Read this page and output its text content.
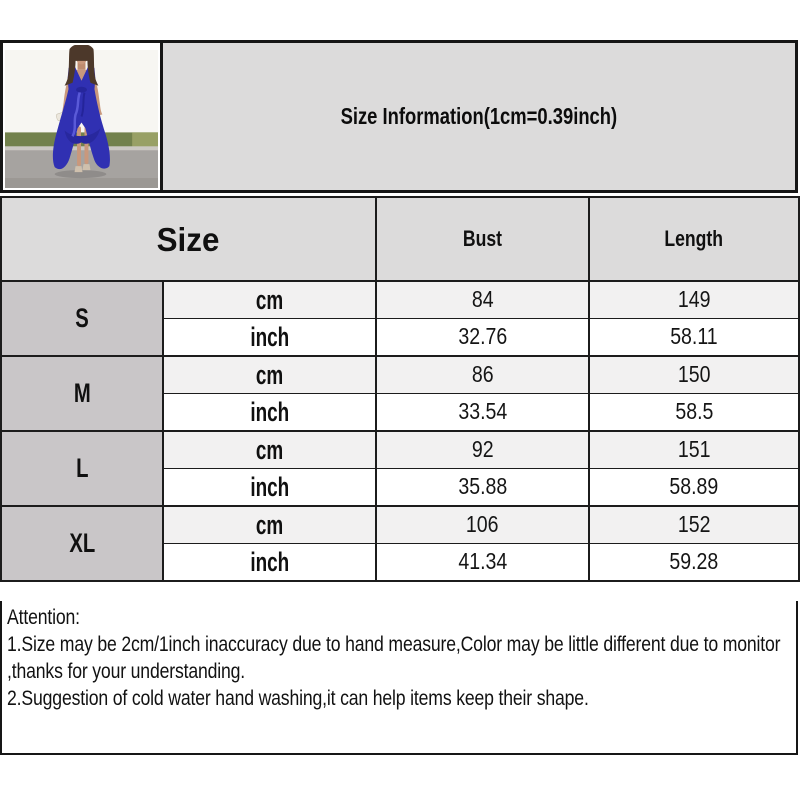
Size Information(1cm=0.39inch)
Size		Bust	Length
S	cm	84	149
	inch	32.76	58.11
M	cm	86	150
	inch	33.54	58.5
L	cm	92	151
	inch	35.88	58.89
XL	cm	106	152
	inch	41.34	59.28

Attention:

1.Size may be 2cm/1inch inaccuracy due to hand measure,Color may be little different due to monitor ,thanks for your understanding.

2.Suggestion of cold water hand washing,it can help items keep their shape.
